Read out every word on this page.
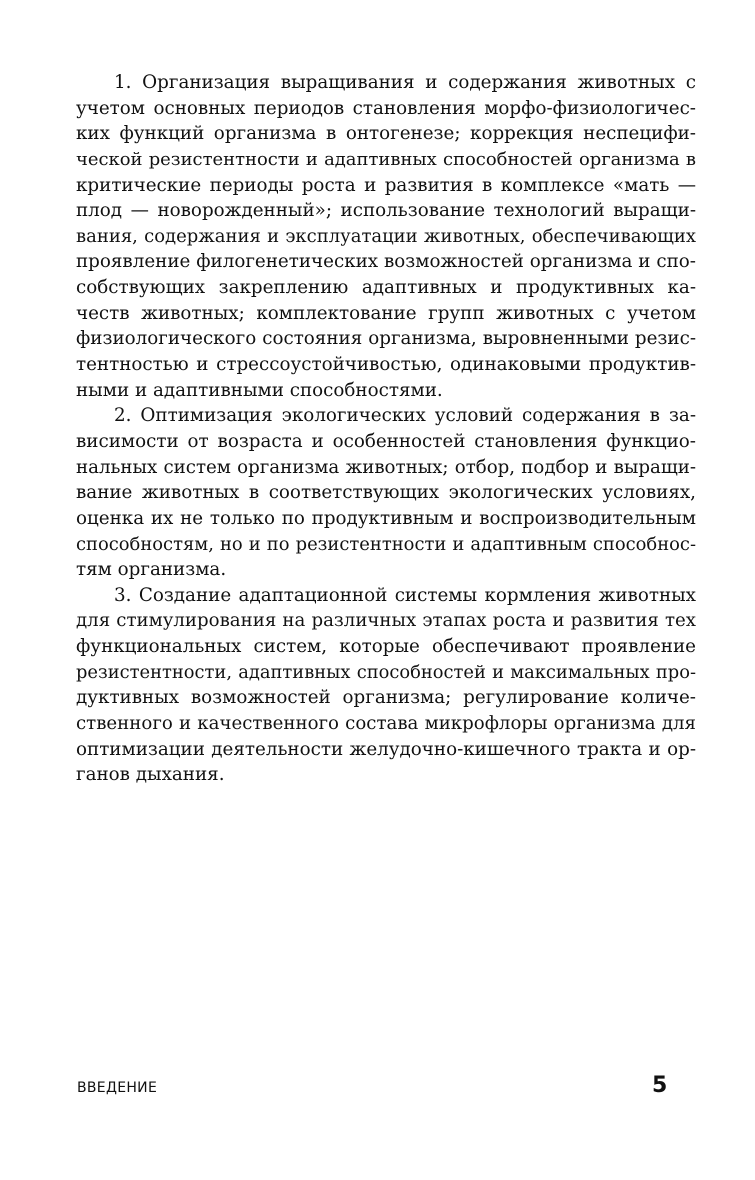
1. Организация выращивания и содержания животных с
учетом основных периодов становления морфо-физиологичес-
ких функций организма в онтогенезе; коррекция неспецифи-
ческой резистентности и адаптивных способностей организма в
критические периоды роста и развития в комплексе «мать —
плод — новорожденный»; использование технологий выращи-
вания, содержания и эксплуатации животных, обеспечивающих
проявление филогенетических возможностей организма и спо-
собствующих закреплению адаптивных и продуктивных ка-
честв животных; комплектование групп животных с учетом
физиологического состояния организма, выровненными резис-
тентностью и стрессоустойчивостью, одинаковыми продуктив-
ными и адаптивными способностями.
2. Оптимизация экологических условий содержания в за-
висимости от возраста и особенностей становления функцио-
нальных систем организма животных; отбор, подбор и выращи-
вание животных в соответствующих экологических условиях,
оценка их не только по продуктивным и воспроизводительным
способностям, но и по резистентности и адаптивным способнос-
тям организма.
3. Создание адаптационной системы кормления животных
для стимулирования на различных этапах роста и развития тех
функциональных систем, которые обеспечивают проявление
резистентности, адаптивных способностей и максимальных про-
дуктивных возможностей организма; регулирование количе-
ственного и качественного состава микрофлоры организма для
оптимизации деятельности желудочно-кишечного тракта и ор-
ганов дыхания.
ВВЕДЕНИЕ	5
